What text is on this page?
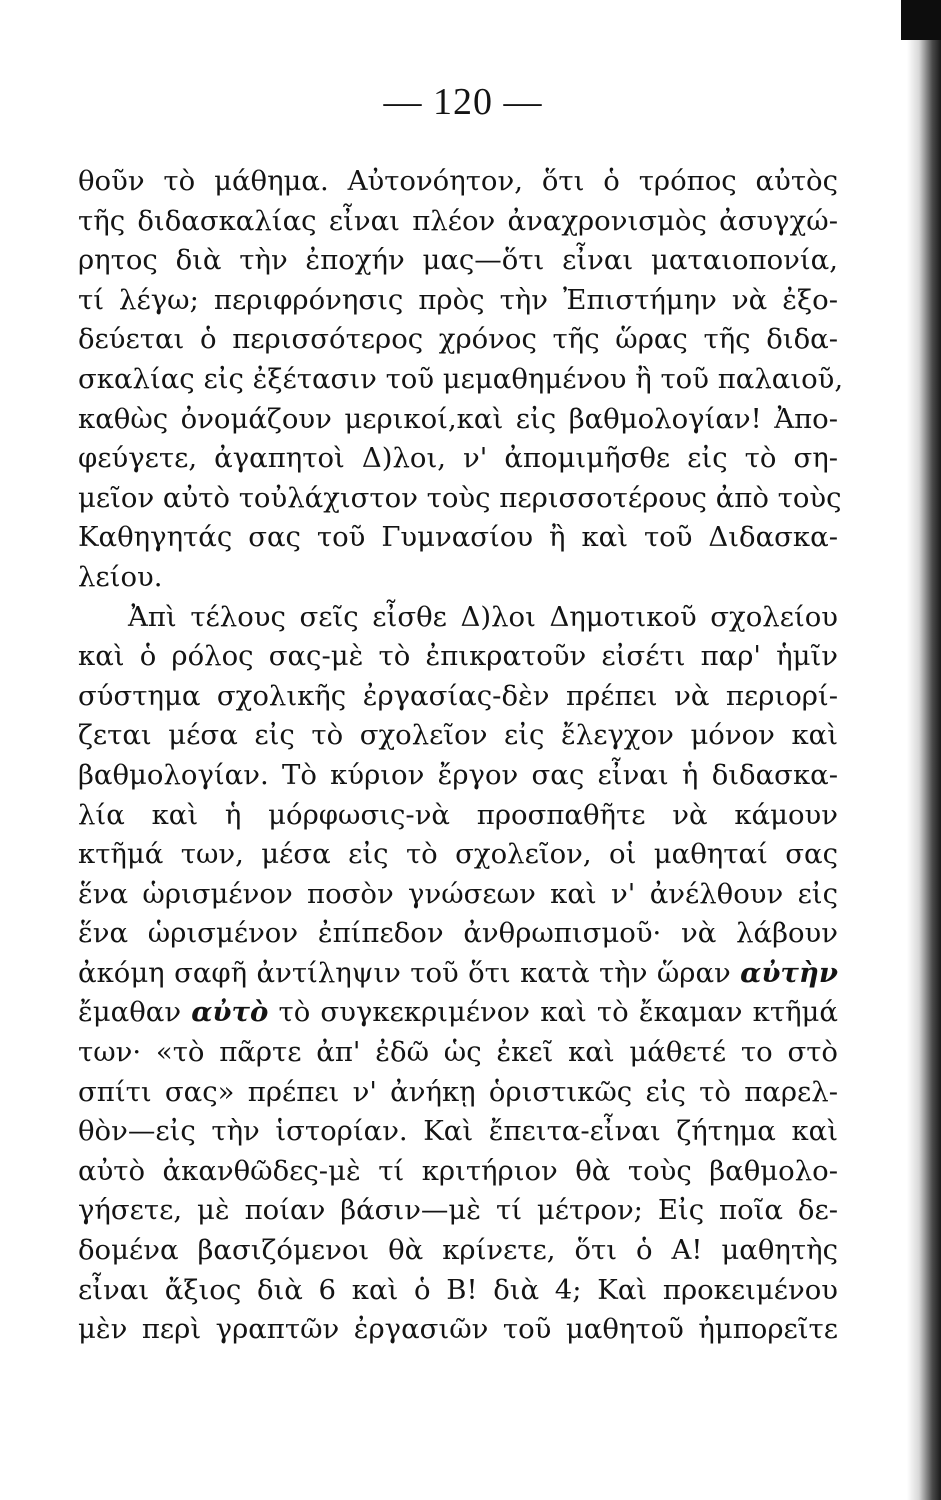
— 120 —
θοῦν τὸ μάθημα. Αὐτονόητον, ὅτι ὁ τρόπος αὐτὸς
τῆς διδασκαλίας εἶναι πλέον ἀναχρονισμὸς ἀσυγχώ-
ρητος διὰ τὴν ἐποχήν μας—ὅτι εἶναι ματαιοπονία,
τί λέγω; περιφρόνησις πρὸς τὴν Ἐπιστήμην νὰ ἐξο-
δεύεται ὁ περισσότερος χρόνος τῆς ὥρας τῆς διδα-
σκαλίας εἰς ἐξέτασιν τοῦ μεμαθημένου ἢ τοῦ παλαιοῦ,
καθὼς ὀνομάζουν μερικοί,καὶ εἰς βαθμολογίαν! Ἀπο-
φεύγετε, ἀγαπητοὶ Δ)λοι, ν' ἀπομιμῆσθε εἰς τὸ ση-
μεῖον αὐτὸ τοὐλάχιστον τοὺς περισσοτέρους ἀπὸ τοὺς
Καθηγητάς σας τοῦ Γυμνασίου ἢ καὶ τοῦ Διδασκα-
λείου.
Ἀπὶ τέλους σεῖς εἶσθε Δ)λοι Δημοτικοῦ σχολείου
καὶ ὁ ρόλος σας-μὲ τὸ ἐπικρατοῦν εἰσέτι παρ' ἡμῖν
σύστημα σχολικῆς ἐργασίας-δὲν πρέπει νὰ περιορί-
ζεται μέσα εἰς τὸ σχολεῖον εἰς ἔλεγχον μόνον καὶ
βαθμολογίαν. Τὸ κύριον ἔργον σας εἶναι ἡ διδασκα-
λία καὶ ἡ μόρφωσις-νὰ προσπαθῆτε νὰ κάμουν
κτῆμά των, μέσα εἰς τὸ σχολεῖον, οἱ μαθηταί σας
ἕνα ὡρισμένον ποσὸν γνώσεων καὶ ν' ἀνέλθουν εἰς
ἕνα ὡρισμένον ἐπίπεδον ἀνθρωπισμοῦ· νὰ λάβουν
ἀκόμη σαφῆ ἀντίληψιν τοῦ ὅτι κατὰ τὴν ὥραν αὐτὴν
ἔμαθαν αὐτὸ τὸ συγκεκριμένον καὶ τὸ ἔκαμαν κτῆμά
των· «τὸ πᾶρτε ἀπ' ἐδῶ ὡς ἐκεῖ καὶ μάθετέ το στὸ
σπίτι σας» πρέπει ν' ἀνήκῃ ὁριστικῶς εἰς τὸ παρελ-
θὸν—εἰς τὴν ἱστορίαν. Καὶ ἔπειτα-εἶναι ζήτημα καὶ
αὐτὸ ἀκανθῶδες-μὲ τί κριτήριον θὰ τοὺς βαθμολο-
γήσετε, μὲ ποίαν βάσιν—μὲ τί μέτρον; Εἰς ποῖα δε-
δομένα βασιζόμενοι θὰ κρίνετε, ὅτι ὁ Α! μαθητὴς
εἶναι ἄξιος διὰ 6 καὶ ὁ Β! διὰ 4; Καὶ προκειμένου
μὲν περὶ γραπτῶν ἐργασιῶν τοῦ μαθητοῦ ἠμπορεῖτε
